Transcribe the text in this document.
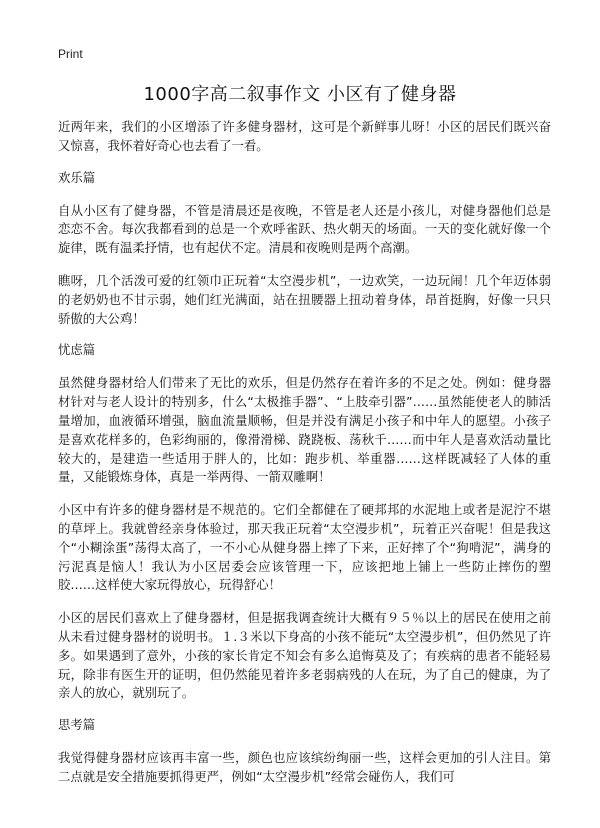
Print
1000字高二叙事作文 小区有了健身器

近两年来，我们的小区增添了许多健身器材，这可是个新鲜事儿呀！小区的居民们既兴奋又惊喜，我怀着好奇心也去看了一看。

欢乐篇

自从小区有了健身器，不管是清晨还是夜晚，不管是老人还是小孩儿，对健身器他们总是恋恋不舍。每次我都看到的总是一个欢呼雀跃、热火朝天的场面。一天的变化就好像一个旋律，既有温柔抒情，也有起伏不定。清晨和夜晚则是两个高潮。

瞧呀，几个活泼可爱的红领巾正玩着“太空漫步机”，一边欢笑，一边玩闹！几个年迈体弱的老奶奶也不甘示弱，她们红光满面，站在扭腰器上扭动着身体，昂首挺胸，好像一只只骄傲的大公鸡！

忧虑篇

虽然健身器材给人们带来了无比的欢乐，但是仍然存在着许多的不足之处。例如：健身器材针对与老人设计的特别多，什么“太极推手器”、“上肢牵引器”……虽然能使老人的肺活量增加，血液循环增强，脑血流量顺畅，但是并没有满足小孩子和中年人的愿望。小孩子是喜欢花样多的，色彩绚丽的，像滑滑梯、跷跷板、荡秋千……而中年人是喜欢活动量比较大的，是建造一些适用于胖人的，比如：跑步机、举重器……这样既减轻了人体的重量，又能锻炼身体，真是一举两得、一箭双雕啊！

小区中有许多的健身器材是不规范的。它们全都健在了硬邦邦的水泥地上或者是泥泞不堪的草坪上。我就曾经亲身体验过，那天我正玩着“太空漫步机”，玩着正兴奋呢！但是我这个“小糊涂蛋”荡得太高了，一不小心从健身器上摔了下来，正好摔了个“狗啃泥”，满身的污泥真是恼人！我认为小区居委会应该管理一下，应该把地上铺上一些防止摔伤的塑胶……这样使大家玩得放心，玩得舒心！

小区的居民们喜欢上了健身器材，但是据我调查统计大概有９５％以上的居民在使用之前从未看过健身器材的说明书。１.３米以下身高的小孩不能玩“太空漫步机”，但仍然见了许多。如果遇到了意外，小孩的家长肯定不知会有多么追悔莫及了；有疾病的患者不能轻易玩，除非有医生开的证明，但仍然能见着许多老弱病残的人在玩，为了自己的健康，为了亲人的放心，就别玩了。

思考篇

我觉得健身器材应该再丰富一些，颜色也应该缤纷绚丽一些，这样会更加的引人注目。第二点就是安全措施要抓得更严，例如“太空漫步机”经常会碰伤人，我们可
